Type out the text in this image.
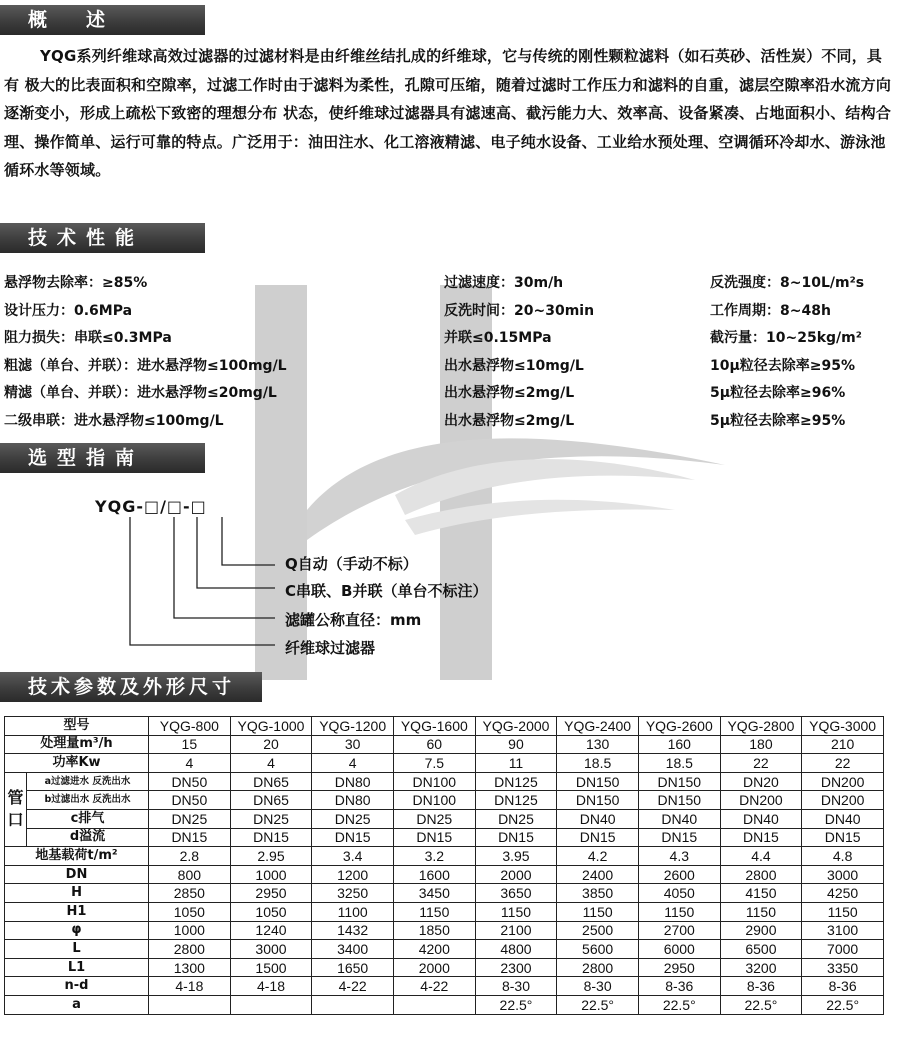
概　述

YQG系列纤维球高效过滤器的过滤材料是由纤维丝结扎成的纤维球，它与传统的刚性颗粒滤料（如石英砂、活性炭）不同，具有 极大的比表面积和空隙率，过滤工作时由于滤料为柔性，孔隙可压缩，随着过滤时工作压力和滤料的自重，滤层空隙率沿水流方向逐渐变小，形成上疏松下致密的理想分布 状态，使纤维球过滤器具有滤速高、截污能力大、效率高、设备紧凑、占地面积小、结构合理、操作简单、运行可靠的特点。广泛用于：油田注水、化工溶液精滤、电子纯水设备、工业给水预处理、空调循环冷却水、游泳池循环水等领域。

技术性能
悬浮物去除率：≥85%
设计压力：0.6MPa
阻力损失：串联≤0.3MPa
粗滤（单台、并联）：进水悬浮物≤100mg/L
精滤（单台、并联）：进水悬浮物≤20mg/L
二级串联：进水悬浮物≤100mg/L
过滤速度：30m/h
反洗时间：20~30min
并联≤0.15MPa
出水悬浮物≤10mg/L
出水悬浮物≤2mg/L
出水悬浮物≤2mg/L
反洗强度：8~10L/m²s
工作周期：8~48h
截污量：10~25kg/m²
10μ粒径去除率≥95%
5μ粒径去除率≥96%
5μ粒径去除率≥95%
选型指南
YQG-□/□-□
Q自动（手动不标）
C串联、B并联（单台不标注）
滤罐公称直径：mm
纤维球过滤器
技术参数及外形尺寸
型号		YQG-800	YQG-1000	YQG-1200	YQG-1600	YQG-2000	YQG-2400	YQG-2600	YQG-2800	YQG-3000
处理量m³/h		15	20	30	60	90	130	160	180	210
功率Kw		4	4	4	7.5	11	18.5	18.5	22	22
管口	a过滤进水 反洗出水	DN50	DN65	DN80	DN100	DN125	DN150	DN150	DN20	DN200
	b过滤出水 反洗出水	DN50	DN65	DN80	DN100	DN125	DN150	DN150	DN200	DN200
	c排气	DN25	DN25	DN25	DN25	DN25	DN40	DN40	DN40	DN40
	d溢流	DN15	DN15	DN15	DN15	DN15	DN15	DN15	DN15	DN15
地基载荷t/m²		2.8	2.95	3.4	3.2	3.95	4.2	4.3	4.4	4.8
DN		800	1000	1200	1600	2000	2400	2600	2800	3000
H		2850	2950	3250	3450	3650	3850	4050	4150	4250
H1		1050	1050	1100	1150	1150	1150	1150	1150	1150
φ		1000	1240	1432	1850	2100	2500	2700	2900	3100
L		2800	3000	3400	4200	4800	5600	6000	6500	7000
L1		1300	1500	1650	2000	2300	2800	2950	3200	3350
n-d		4-18	4-18	4-22	4-22	8-30	8-30	8-36	8-36	8-36
a						22.5°	22.5°	22.5°	22.5°	22.5°
